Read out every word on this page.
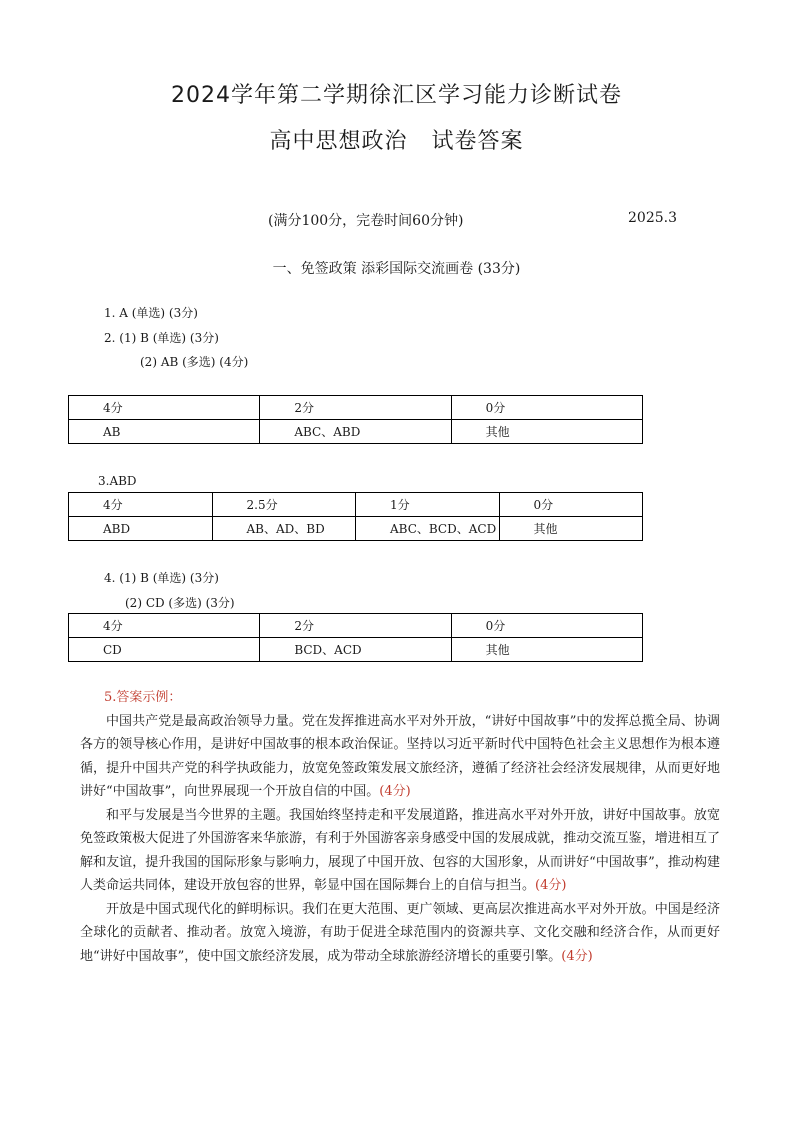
2024学年第二学期徐汇区学习能力诊断试卷
高中思想政治   试卷答案
(满分100分，完卷时间60分钟)	2025.3
一、免签政策 添彩国际交流画卷 (33分)
1. A (单选) (3分)
2. (1) B (单选) (3分)
(2) AB (多选) (4分)
4分	2分	0分
AB	ABC、ABD	其他
3.ABD
4分	2.5分	1分	0分
ABD	AB、AD、BD	ABC、BCD、ACD	其他
4. (1) B (单选) (3分)
(2) CD (多选) (3分)
4分	2分	0分
CD	BCD、ACD	其他
5.答案示例：

中国共产党是最高政治领导力量。党在发挥推进高水平对外开放，“讲好中国故事”中的发挥总揽全局、协调各方的领导核心作用，是讲好中国故事的根本政治保证。坚持以习近平新时代中国特色社会主义思想作为根本遵循，提升中国共产党的科学执政能力，放宽免签政策发展文旅经济，遵循了经济社会经济发展规律，从而更好地讲好“中国故事”，向世界展现一个开放自信的中国。(4分)

和平与发展是当今世界的主题。我国始终坚持走和平发展道路，推进高水平对外开放，讲好中国故事。放宽免签政策极大促进了外国游客来华旅游，有利于外国游客亲身感受中国的发展成就，推动交流互鉴，增进相互了解和友谊，提升我国的国际形象与影响力，展现了中国开放、包容的大国形象，从而讲好“中国故事”，推动构建人类命运共同体，建设开放包容的世界，彰显中国在国际舞台上的自信与担当。(4分)

开放是中国式现代化的鲜明标识。我们在更大范围、更广领域、更高层次推进高水平对外开放。中国是经济全球化的贡献者、推动者。放宽入境游，有助于促进全球范围内的资源共享、文化交融和经济合作，从而更好地“讲好中国故事”，使中国文旅经济发展，成为带动全球旅游经济增长的重要引擎。(4分)
